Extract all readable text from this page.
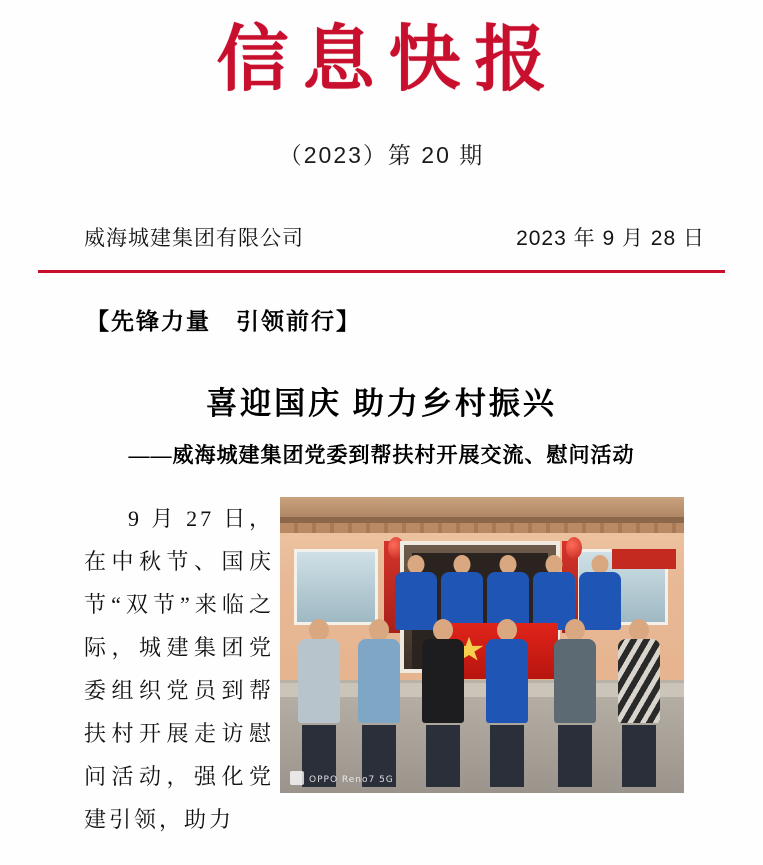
信息快报
（2023）第 20 期
威海城建集团有限公司	2023 年 9 月 28 日
【先锋力量　引领前行】
喜迎国庆 助力乡村振兴
——威海城建集团党委到帮扶村开展交流、慰问活动

9 月 27 日，在中秋节、国庆节“双节”来临之际，城建集团党委组织党员到帮扶村开展走访慰问活动，强化党建引领，助力

OPPO Reno7 5G
